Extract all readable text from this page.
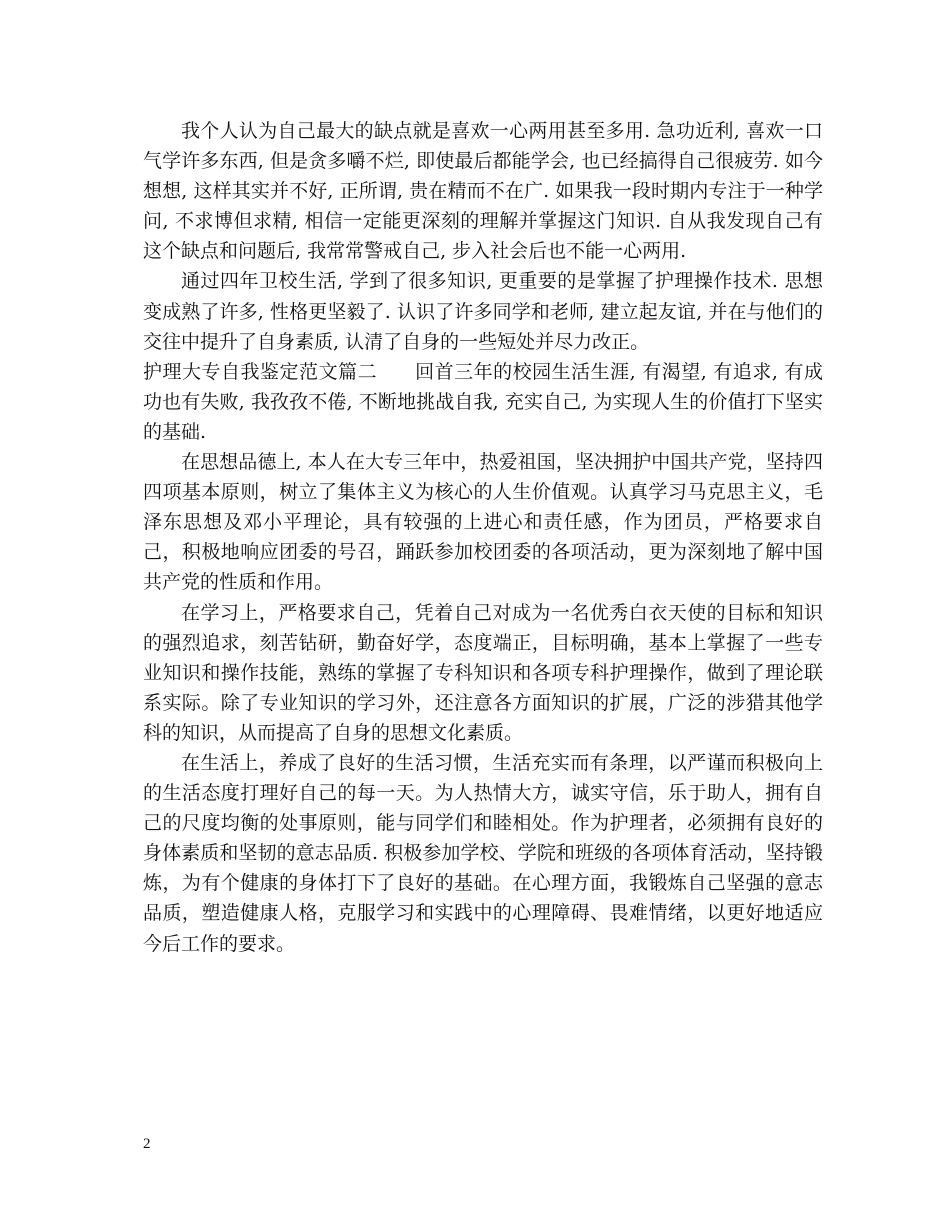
我个人认为自己最大的缺点就是喜欢一心两用甚至多用. 急功近利, 喜欢一口气学许多东西, 但是贪多嚼不烂, 即使最后都能学会, 也已经搞得自己很疲劳. 如今想想, 这样其实并不好, 正所谓, 贵在精而不在广. 如果我一段时期内专注于一种学问, 不求博但求精, 相信一定能更深刻的理解并掌握这门知识. 自从我发现自己有这个缺点和问题后, 我常常警戒自己, 步入社会后也不能一心两用.

通过四年卫校生活, 学到了很多知识, 更重要的是掌握了护理操作技术. 思想变成熟了许多, 性格更坚毅了. 认识了许多同学和老师, 建立起友谊, 并在与他们的交往中提升了自身素质, 认清了自身的一些短处并尽力改正。

护理大专自我鉴定范文篇二 回首三年的校园生活生涯, 有渴望, 有追求, 有成功也有失败, 我孜孜不倦, 不断地挑战自我, 充实自己, 为实现人生的价值打下坚实的基础.

在思想品德上, 本人在大专三年中，热爱祖国，坚决拥护中国共产党，坚持四四项基本原则，树立了集体主义为核心的人生价值观。认真学习马克思主义，毛泽东思想及邓小平理论，具有较强的上进心和责任感，作为团员，严格要求自己，积极地响应团委的号召，踊跃参加校团委的各项活动，更为深刻地了解中国共产党的性质和作用。

在学习上，严格要求自己，凭着自己对成为一名优秀白衣天使的目标和知识的强烈追求，刻苦钻研，勤奋好学，态度端正，目标明确，基本上掌握了一些专业知识和操作技能，熟练的掌握了专科知识和各项专科护理操作，做到了理论联系实际。除了专业知识的学习外，还注意各方面知识的扩展，广泛的涉猎其他学科的知识，从而提高了自身的思想文化素质。

在生活上，养成了良好的生活习惯，生活充实而有条理，以严谨而积极向上的生活态度打理好自己的每一天。为人热情大方，诚实守信，乐于助人，拥有自己的尺度均衡的处事原则，能与同学们和睦相处。作为护理者，必须拥有良好的身体素质和坚韧的意志品质. 积极参加学校、学院和班级的各项体育活动，坚持锻炼，为有个健康的身体打下了良好的基础。在心理方面，我锻炼自己坚强的意志品质，塑造健康人格，克服学习和实践中的心理障碍、畏难情绪，以更好地适应今后工作的要求。

2
